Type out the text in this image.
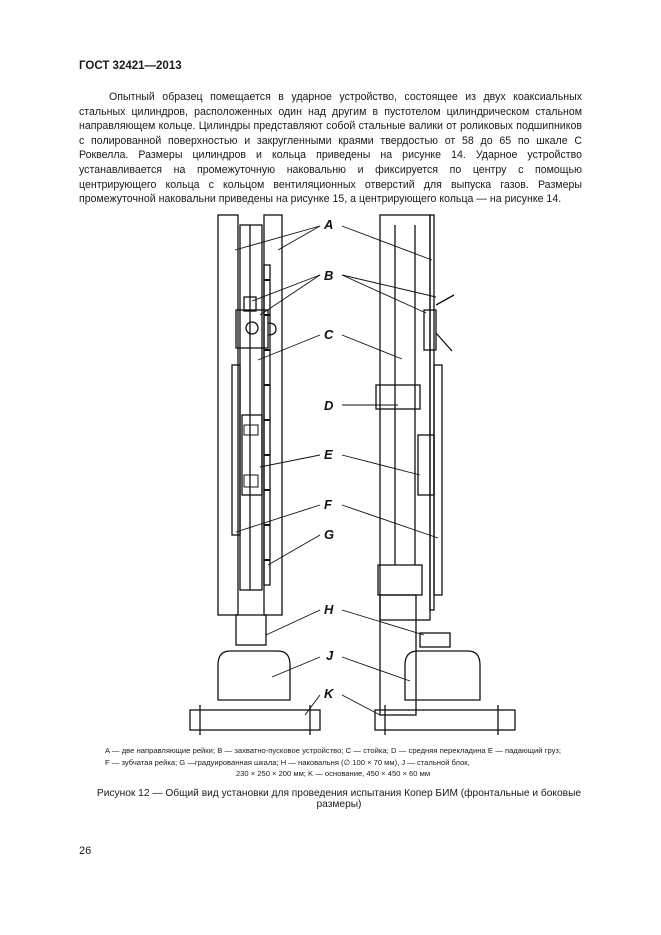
ГОСТ 32421—2013

Опытный образец помещается в ударное устройство, состоящее из двух коаксиальных стальных цилиндров, расположенных один над другим в пустотелом цилиндрическом стальном направляющем кольце. Цилиндры представляют собой стальные валики от роликовых подшипников с полированной поверхностью и закругленными краями твердостью от 58 до 65 по шкале С Роквелла. Размеры цилиндров и кольца приведены на рисунке 14. Ударное устройство устанавливается на промежуточную наковальню и фиксируется по центру с помощью центрирующего кольца с кольцом вентиляционных отверстий для выпуска газов. Размеры промежуточной наковальни приведены на рисунке 15, а центрирующего кольца — на рисунке 14.

A
B
C
D
E
F
G
H
J
K

A — две направляющие рейки; B — захватно-пусковое устройство; C — стойка; D — средняя перекладина E — падающий груз; F — зубчатая рейка; G —градуированная шкала; H — наковальня (∅ 100 × 70 мм), J — стальной блок,
230 × 250 × 200 мм; K — основание, 450 × 450 × 60 мм

Рисунок 12 — Общий вид установки для проведения испытания Копер БИМ (фронтальные и боковые размеры)

26
